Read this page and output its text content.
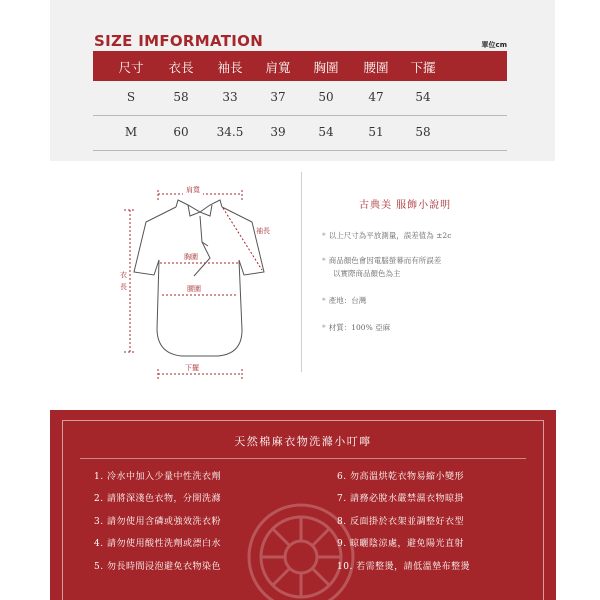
SIZE IMFORMATION	單位cm
尺寸 衣長 袖長 肩寬 胸圍 腰圍 下擺
S	58	33	37	50	47	54
M	60 34.5 39	54	51	58
肩寬
袖長
胸圍
衣
長	腰圍
下擺
古典美 服飾小說明
* 以上尺寸為平放測量，誤差值為 ±2c
* 商品顏色會因電腦螢幕而有所誤差
以實際商品顏色為主
* 產地：台灣
* 材質：100% 亞麻
天然棉麻衣物洗滌小叮嚀
1. 冷水中加入少量中性洗衣劑
2. 請將深淺色衣物，分開洗滌
3. 請勿使用含磷或強效洗衣粉
4. 請勿使用酸性洗劑或漂白水
5. 勿長時間浸泡避免衣物染色
6. 勿高溫烘乾衣物易縮小變形
7. 請務必脫水嚴禁濕衣物晾掛
8. 反面掛於衣架並調整好衣型
9. 晾曬陰涼處，避免陽光直射
10. 若需整燙，請低溫墊布整燙
